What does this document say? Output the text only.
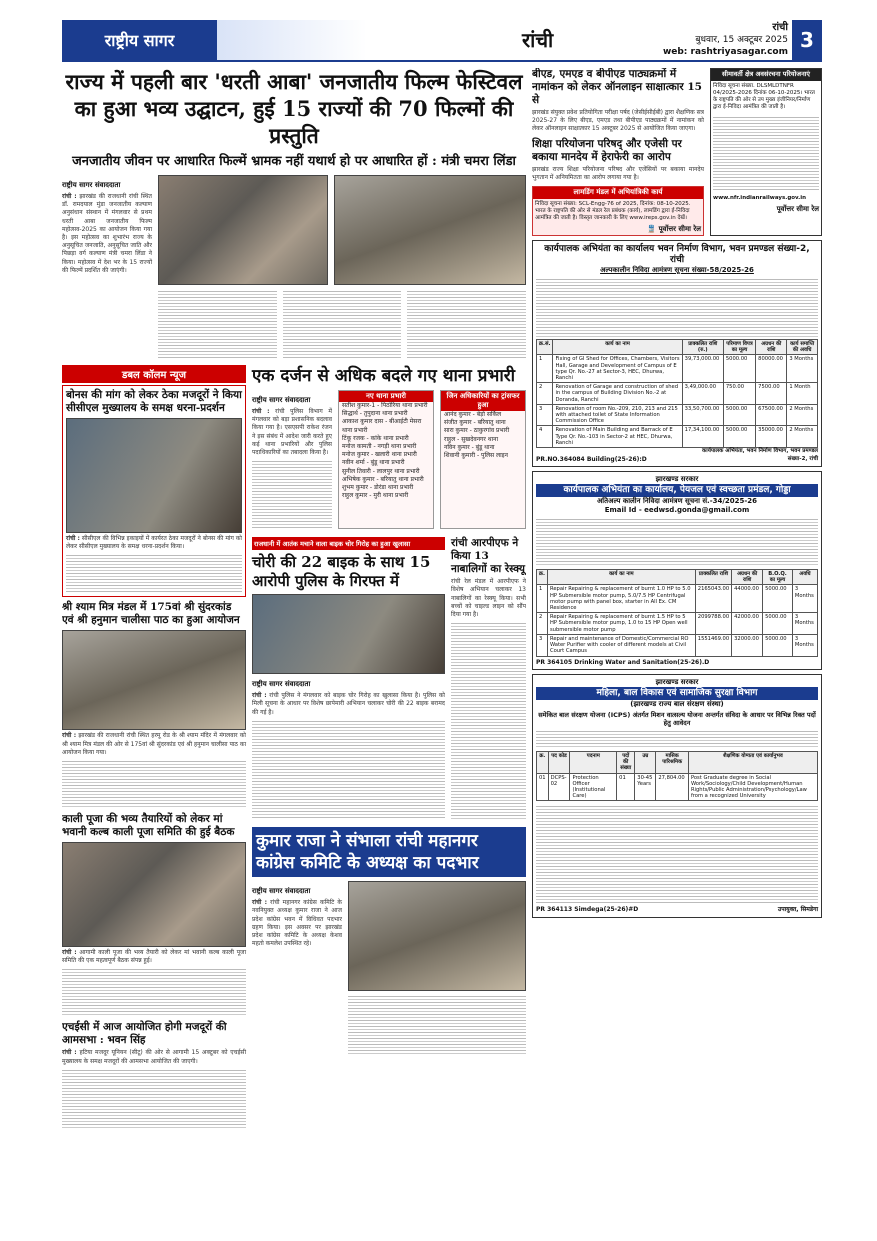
राष्ट्रीय सागर	रांची
रांची
बुधवार, 15 अक्टूबर 2025
web: rashtriyasagar.com 3
राज्य में पहली बार 'धरती आबा' जनजातीय फिल्म फेस्टिवल का हुआ भव्य उद्घाटन, हुई 15 राज्यों की 70 फिल्मों की प्रस्तुति
जनजातीय जीवन पर आधारित फिल्में भ्रामक नहीं यथार्थ हो पर आधारित हों : मंत्री चमरा लिंडा
राष्ट्रीय सागर संवाददाता
रांची : झारखंड की राजधानी रांची स्थित डॉ. रामदयाल मुंडा जनजातीय कल्याण अनुसंधान संस्थान में मंगलवार से प्रथम धरती आबा जनजातीय फिल्म महोत्सव-2025 का आयोजन किया गया है। इस महोत्सव का शुभारंभ राज्य के अनुसूचित जनजाति, अनुसूचित जाति और पिछड़ा वर्ग कल्याण मंत्री चमरा लिंडा ने किया। महोत्सव में देश भर के 15 राज्यों की फिल्में प्रदर्शित की जाएंगी।
डबल कॉलम न्यूज
बोनस की मांग को लेकर ठेका मजदूरों ने किया सीसीएल मुख्यालय के समक्ष धरना-प्रदर्शन
रांची : सीसीएल की विभिन्न इकाइयों में कार्यरत ठेका मजदूरों ने बोनस की मांग को लेकर सीसीएल मुख्यालय के समक्ष धरना-प्रदर्शन किया।
श्री श्याम मित्र मंडल में 175वां श्री सुंदरकांड एवं श्री हनुमान चालीसा पाठ का हुआ आयोजन
रांची : झारखंड की राजधानी रांची स्थित हरमू रोड के श्री श्याम मंदिर में मंगलवार को श्री श्याम मित्र मंडल की ओर से 175वां श्री सुंदरकांड एवं श्री हनुमान चालीसा पाठ का आयोजन किया गया।
काली पूजा की भव्य तैयारियों को लेकर मां भवानी कल्ब काली पूजा समिति की हुई बैठक
रांची : आगामी काली पूजा की भव्य तैयारी को लेकर मां भवानी कल्ब काली पूजा समिति की एक महत्वपूर्ण बैठक संपन्न हुई।
एचईसी में आज आयोजित होगी मजदूरों की आमसभा : भवन सिंह
रांची : हटिया मजदूर यूनियन (सीटू) की ओर से आगामी 15 अक्टूबर को एचईसी मुख्यालय के समक्ष मजदूरों की आमसभा आयोजित की जाएगी।
एक दर्जन से अधिक बदले गए थाना प्रभारी
राष्ट्रीय सागर संवाददाता
रांची : रांची पुलिस विभाग में मंगलवार को बड़ा प्रशासनिक बदलाव किया गया है। एसएसपी राकेश रंजन ने इस संबंध में आदेश जारी करते हुए कई थाना प्रभारियों और पुलिस पदाधिकारियों का तबादला किया है।
नए थाना प्रभारी
सतीश कुमार-1 - पिठोरिया थाना प्रभारी
सिद्धार्थ - तुपुदाना थाना प्रभारी
आकाश कुमार दास - बीआईटी मेसरा थाना प्रभारी
टिंकू रजक - कांके थाना प्रभारी
मनोज कामती - नगड़ी थाना प्रभारी
मनोज कुमार - खलारी थाना प्रभारी
नवीन शर्मा - बुंडू थाना प्रभारी
सुनील तिवारी - लालपुर थाना प्रभारी
अभिषेक कुमार - बरियातु थाना प्रभारी
शुभम कुमार - डोरंडा थाना प्रभारी
राहुल कुमार - मुरी थाना प्रभारी
जिन अधिकारियों का ट्रांसफर हुआ
आनंद कुमार - बेड़ो सर्किल
संजीत कुमार - बरियातु थाना
सारा कुमार - ठाकुरगांव प्रभारी
राहुल - सुखदेवनगर थाना
नविन कुमार - बुंडू थाना
शिवानी कुमारी - पुलिस लाइन
राजधानी में आतंक मचाने वाला बाइक चोर गिरोह का हुआ खुलासा
चोरी की 22 बाइक के साथ 15 आरोपी पुलिस के गिरफ्त में
राष्ट्रीय सागर संवाददाता
रांची : रांची पुलिस ने मंगलवार को बाइक चोर गिरोह का खुलासा किया है। पुलिस को मिली सूचना के आधार पर विशेष छापेमारी अभियान चलाकर चोरी की 22 बाइक बरामद की गई है।
रांची आरपीएफ ने किया 13 नाबालिगों का रेस्क्यू
रांची रेल मंडल में आरपीएफ ने विशेष अभियान चलाकर 13 नाबालिगों का रेस्क्यू किया। सभी बच्चों को चाइल्ड लाइन को सौंप दिया गया है।
कुमार राजा ने संभाला रांची महानगर कांग्रेस कमिटि के अध्यक्ष का पदभार
राष्ट्रीय सागर संवाददाता
रांची : रांची महानगर कांग्रेस कमिटि के नवनियुक्त अध्यक्ष कुमार राजा ने आज प्रदेश कांग्रेस भवन में विधिवत पदभार ग्रहण किया। इस अवसर पर झारखंड प्रदेश कांग्रेस कमिटि के अध्यक्ष केशव महतो कमलेश उपस्थित रहे।
बीएड, एमएड व बीपीएड पाठ्यक्रमों में नामांकन को लेकर ऑनलाइन साक्षात्कार 15 से
झारखंड संयुक्त प्रवेश प्रतियोगिता परीक्षा पर्षद (जेसीईसीईबी) द्वारा शैक्षणिक सत्र 2025-27 के लिए बीएड, एमएड तथा बीपीएड पाठ्यक्रमों में नामांकन को लेकर ऑनलाइन साक्षात्कार 15 अक्टूबर 2025 से आयोजित किया जाएगा।
शिक्षा परियोजना परिषद् और एजेसी पर बकाया मानदेय में हेराफेरी का आरोप
झारखंड राज्य शिक्षा परियोजना परिषद और एजेंसियों पर बकाया मानदेय भुगतान में अनियमितता का आरोप लगाया गया है।
लामडिंग मंडल में अभियांत्रिकी कार्य
निविदा सूचना संख्या: SCL-Engg-76 of 2025, दिनांक: 08-10-2025. भारत के राष्ट्रपति की ओर से मंडल रेल प्रबंधक (कार्य), लामडिंग द्वारा ई-निविदा आमंत्रित की जाती है। विस्तृत जानकारी के लिए www.ireps.gov.in देखें।
🚆 पूर्वोत्तर सीमा रेल
सीमावर्ती क्षेत्र अवसंरचना परियोजनाएं
निविदा सूचना संख्या. DLSMLDTNFR 04/2025-2026 दिनांक 06-10-2025। भारत के राष्ट्रपति की ओर से उप मुख्य इंजीनियर/निर्माण द्वारा ई-निविदा आमंत्रित की जाती है।
www.nfr.indianrailways.gov.in
पूर्वोत्तर सीमा रेल
कार्यपालक अभियंता का कार्यालय भवन निर्माण विभाग, भवन प्रमण्डल संख्या-2, रांची
अल्पकालीन निविदा आमंत्रण सूचना संख्या-58/2025-26
क्र.सं.	कार्य का नाम	प्राक्कलित राशि (रु.)	परिमाण विपत्र का मूल्य	अग्रधन की राशि	कार्य समाप्ति की अवधि
1	Fixing of GI Shed for Offices, Chambers, Visitors Hall, Garage and Development of Campus of E type Qr. No.-27 at Sector-3, HEC, Dhurwa, Ranchi	39,73,000.00	5000.00	80000.00	3 Months
2	Renovation of Garage and construction of shed in the campus of Building Division No.-2 at Doranda, Ranchi	3,49,000.00	750.00	7500.00	1 Month
3	Renovation of room No.-209, 210, 213 and 215 with attached toilet of State Information Commission Office	33,50,700.00	5000.00	67500.00	2 Months
4	Renovation of Main Building and Barrack of E Type Qr. No.-103 in Sector-2 at HEC, Dhurwa, Ranchi	17,34,100.00	5000.00	35000.00	2 Months
PR.NO.364084 Building(25-26):D
कार्यपालक अभियंता, भवन निर्माण विभाग, भवन प्रमण्डल संख्या-2, रांची
झारखण्ड सरकार
कार्यपालक अभियंता का कार्यालय, पेयजल एवं स्वच्छता प्रमंडल, गोड्डा
अतिअल्प कालीन निविदा आमंत्रण सूचना सं.-34/2025-26
Email Id - eedwsd.gonda@gmail.com
क्र.	कार्य का नाम	प्राक्कलित राशि	अग्रधन की राशि	B.O.Q. का मूल्य	अवधि
1	Repair Repairing & replacement of burnt 1.0 HP to 5.0 HP Submersible motor pump, 5.0/7.5 HP Centrifugal motor pump with panel box, starter in All Ex. CM Residence	2165043.00	44000.00	5000.00	3 Months
2	Repair Repairing & replacement of burnt 1.5 HP to 5 HP Submersible motor pump, 1.0 to 15 HP Open well submersible motor pump	2099788.00	42000.00	5000.00	3 Months
3	Repair and maintenance of Domestic/Commercial RO Water Purifier with cooler of different models at Civil Court Campus	1551469.00	32000.00	5000.00	3 Months
PR 364105 Drinking Water and Sanitation(25-26).D
झारखण्ड सरकार
महिला, बाल विकास एवं सामाजिक सुरक्षा विभाग
(झारखण्ड राज्य बाल संरक्षण संस्था)
समेकित बाल संरक्षण योजना (ICPS) अंतर्गत मिशन वात्सल्य योजना अन्तर्गत संविदा के आधार पर विभिन्न रिक्त पदों हेतु आवेदन
क्र.	पद कोड	पदनाम	पदों की संख्या	उम्र	मासिक पारिश्रमिक	शैक्षणिक योग्यता एवं कार्यानुभव
01	DCPS-02	Protection Officer (Institutional Care)	01	30-45 Years	27,804.00	Post Graduate degree in Social Work/Sociology/Child Development/Human Rights/Public Administration/Psychology/Law from a recognized University
PR 364113 Simdega(25-26)#D	उपायुक्त, सिमडेगा
